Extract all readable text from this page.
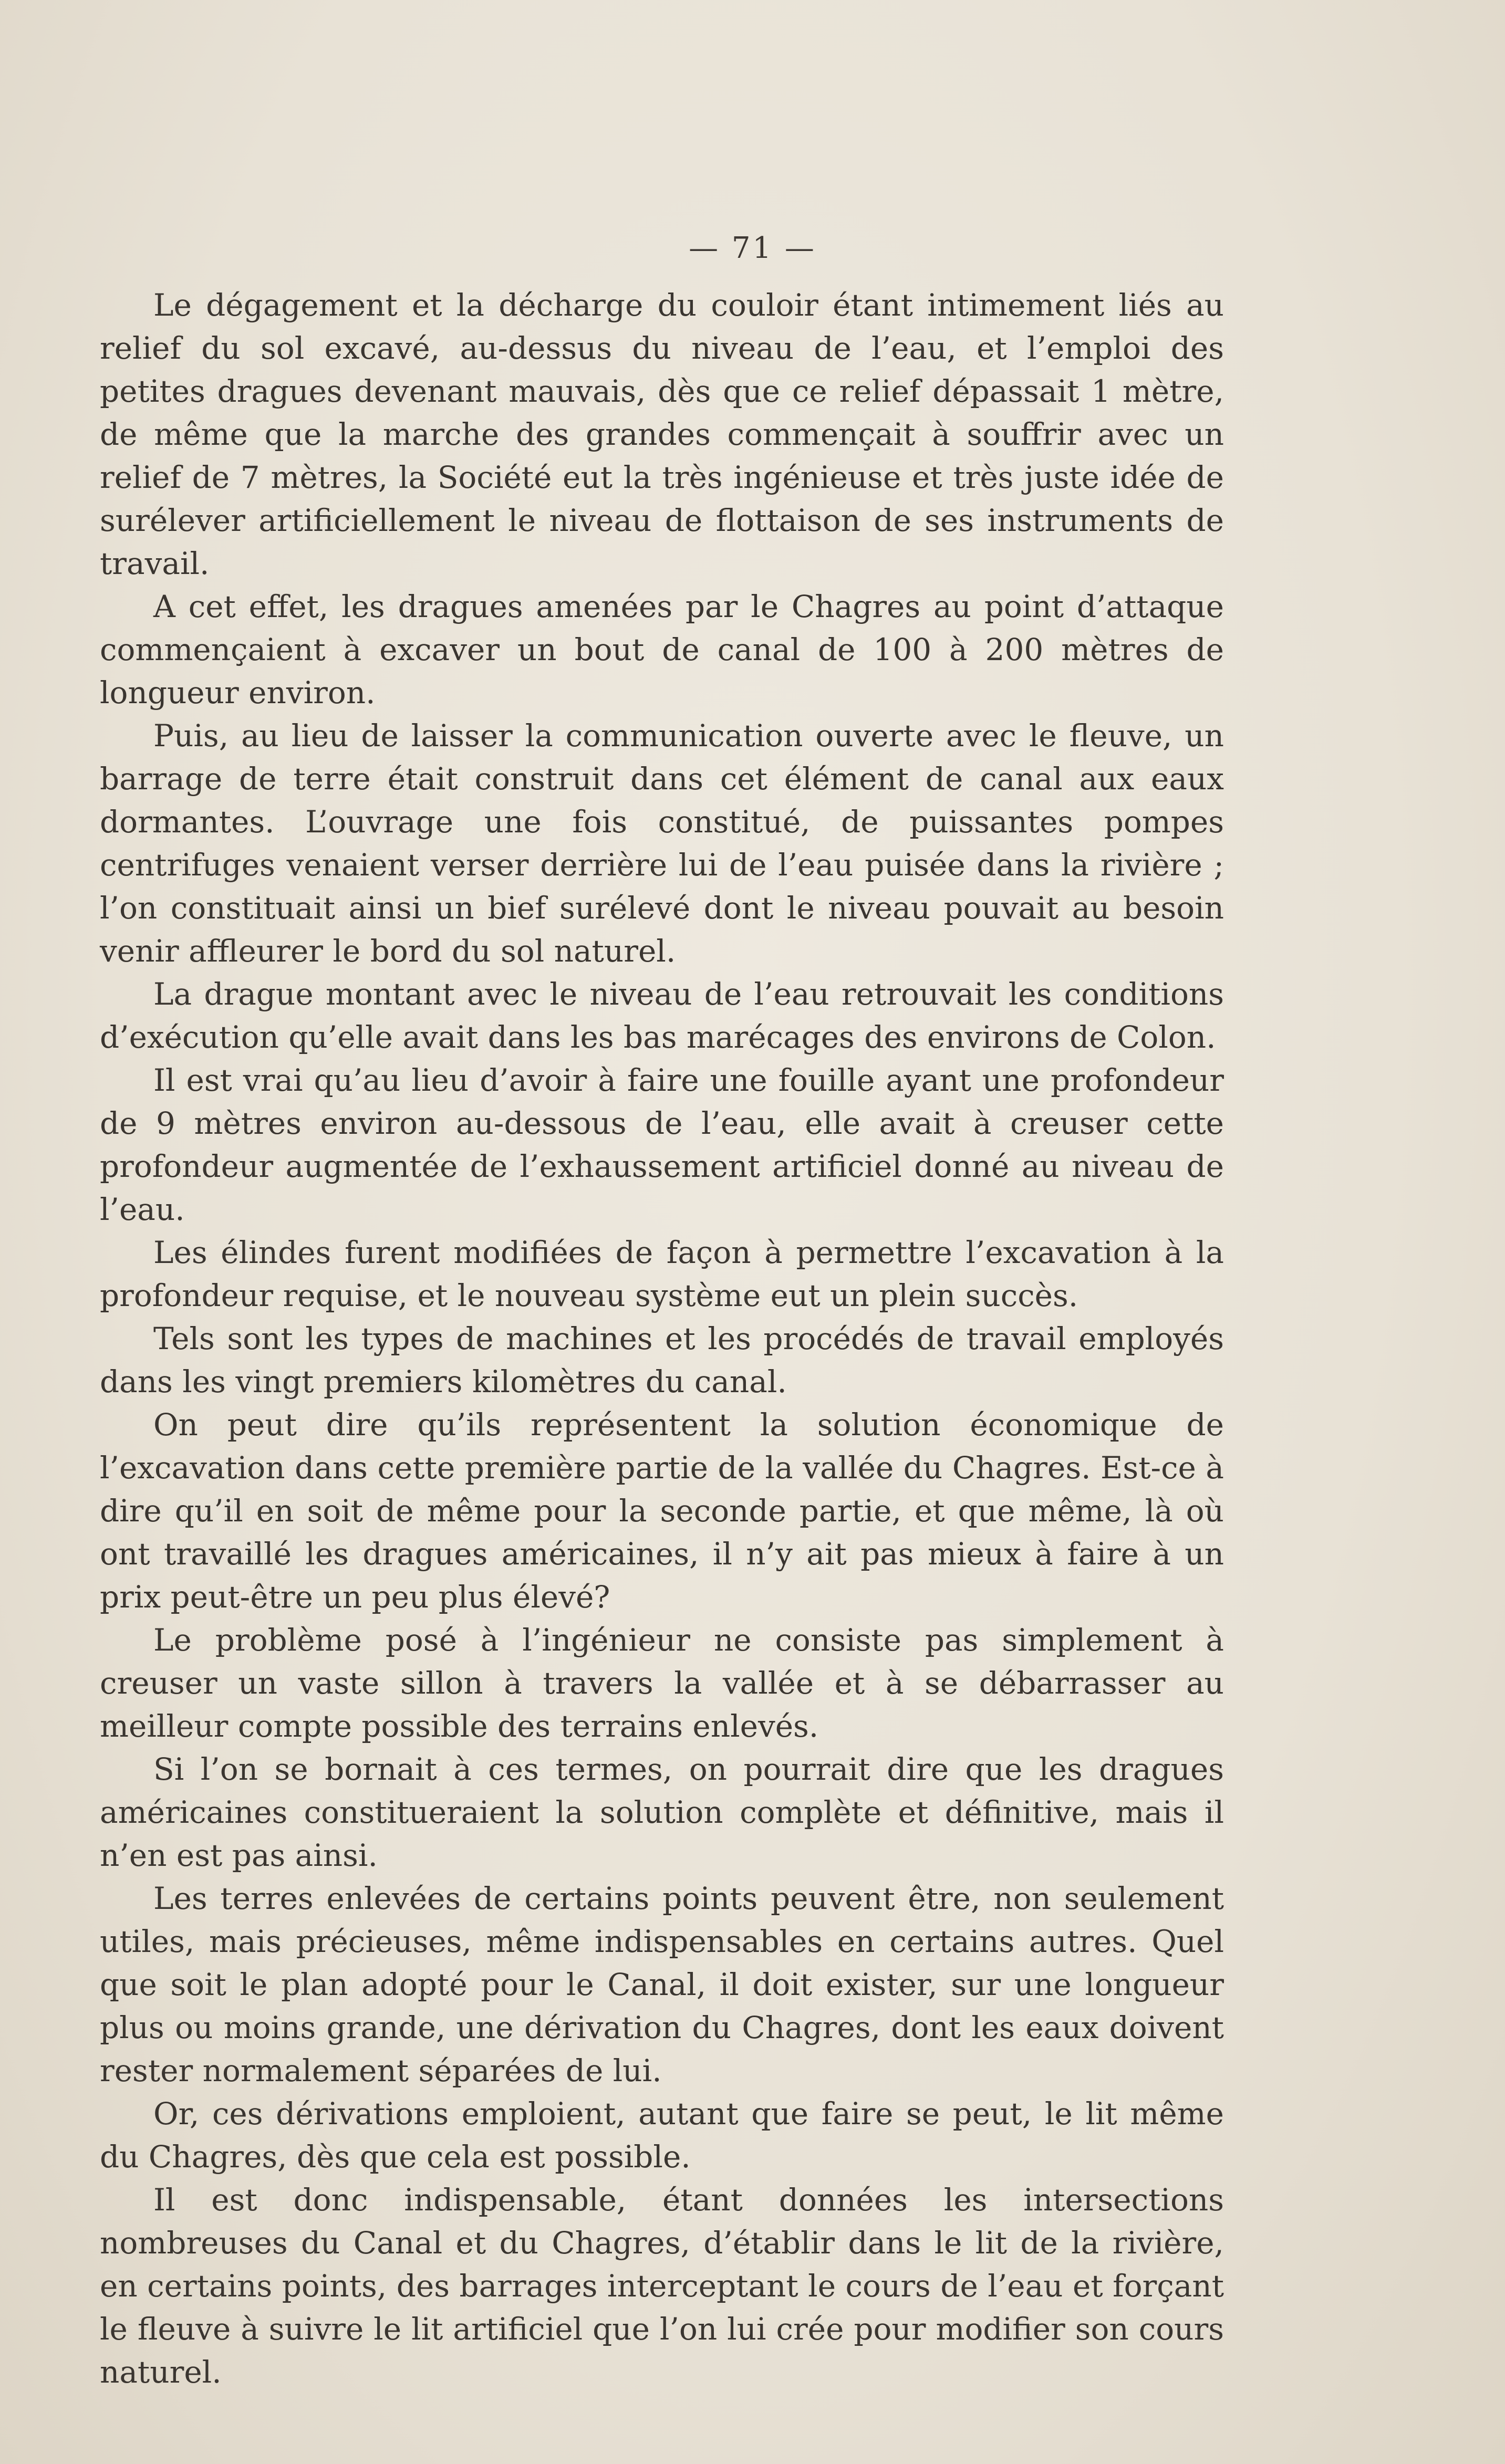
— 71 —

Le dégagement et la décharge du couloir étant intimement liés au relief du sol excavé, au-dessus du niveau de l’eau, et l’emploi des petites dragues devenant mauvais, dès que ce relief dépassait 1 mètre, de même que la marche des grandes commençait à souffrir avec un relief de 7 mètres, la Société eut la très ingénieuse et très juste idée de surélever artificiellement le niveau de flottaison de ses instruments de travail.

A cet effet, les dragues amenées par le Chagres au point d’attaque commençaient à excaver un bout de canal de 100 à 200 mètres de longueur environ.

Puis, au lieu de laisser la communication ouverte avec le fleuve, un barrage de terre était construit dans cet élément de canal aux eaux dormantes. L’ouvrage une fois constitué, de puissantes pompes centrifuges venaient verser derrière lui de l’eau puisée dans la rivière ; l’on constituait ainsi un bief surélevé dont le niveau pouvait au besoin venir affleurer le bord du sol naturel.

La drague montant avec le niveau de l’eau retrouvait les conditions d’exécution qu’elle avait dans les bas marécages des environs de Colon.

Il est vrai qu’au lieu d’avoir à faire une fouille ayant une profondeur de 9 mètres environ au-dessous de l’eau, elle avait à creuser cette profondeur augmentée de l’exhaussement artificiel donné au niveau de l’eau.

Les élindes furent modifiées de façon à permettre l’excavation à la profondeur requise, et le nouveau système eut un plein succès.

Tels sont les types de machines et les procédés de travail employés dans les vingt premiers kilomètres du canal.

On peut dire qu’ils représentent la solution économique de l’excavation dans cette première partie de la vallée du Chagres. Est-ce à dire qu’il en soit de même pour la seconde partie, et que même, là où ont travaillé les dragues américaines, il n’y ait pas mieux à faire à un prix peut-être un peu plus élevé?

Le problème posé à l’ingénieur ne consiste pas simplement à creuser un vaste sillon à travers la vallée et à se débarrasser au meilleur compte possible des terrains enlevés.

Si l’on se bornait à ces termes, on pourrait dire que les dragues américaines constitueraient la solution complète et définitive, mais il n’en est pas ainsi.

Les terres enlevées de certains points peuvent être, non seulement utiles, mais précieuses, même indispensables en certains autres. Quel que soit le plan adopté pour le Canal, il doit exister, sur une longueur plus ou moins grande, une dérivation du Chagres, dont les eaux doivent rester normalement séparées de lui.

Or, ces dérivations emploient, autant que faire se peut, le lit même du Chagres, dès que cela est possible.

Il est donc indispensable, étant données les intersections nombreuses du Canal et du Chagres, d’établir dans le lit de la rivière, en certains points, des barrages interceptant le cours de l’eau et forçant le fleuve à suivre le lit artificiel que l’on lui crée pour modifier son cours naturel.
